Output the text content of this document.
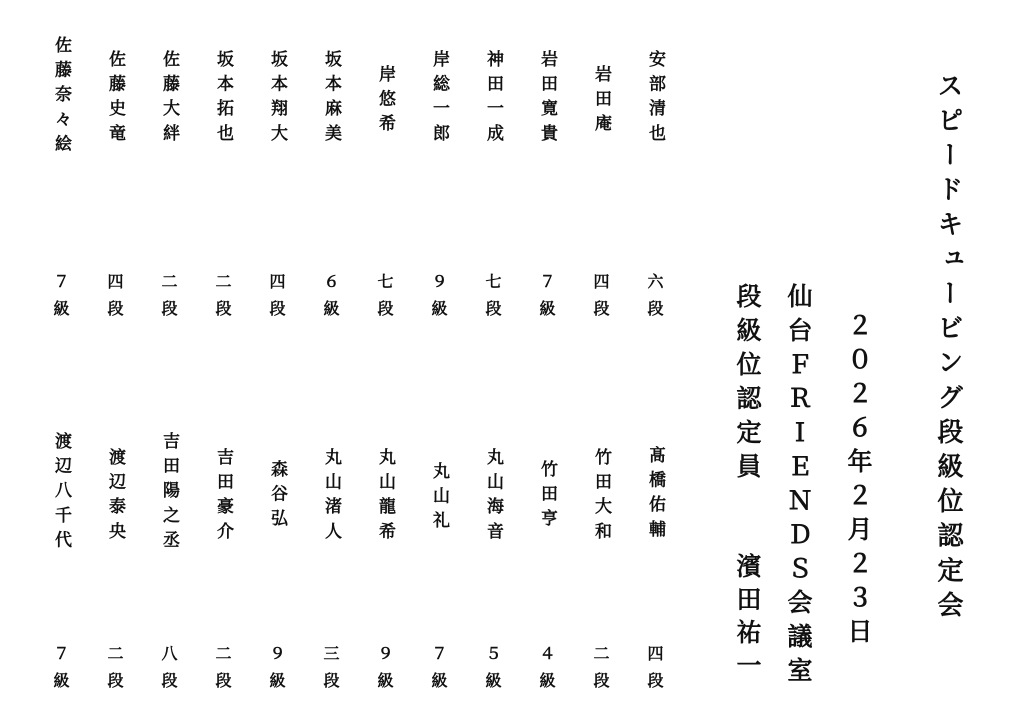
スピードキュービング段級位認定会
２０２６年２月２３日
仙台ＦＲＩＥＮＤＳ会議室
段級位認定員
濱田祐一
安部清也
六段
髙橋佑輔
四段
岩田庵
四段
竹田大和
二段
岩田寛貴
７級
竹田亨
４級
神田一成
七段
丸山海音
５級
岸総一郎
９級
丸山礼
７級
岸悠希
七段
丸山龍希
９級
坂本麻美
６級
丸山渚人
三段
坂本翔大
四段
森谷弘
９級
坂本拓也
二段
吉田豪介
二段
佐藤大絆
二段
吉田陽之丞
八段
佐藤史竜
四段
渡辺泰央
二段
佐藤奈々絵
７級
渡辺八千代
７級
